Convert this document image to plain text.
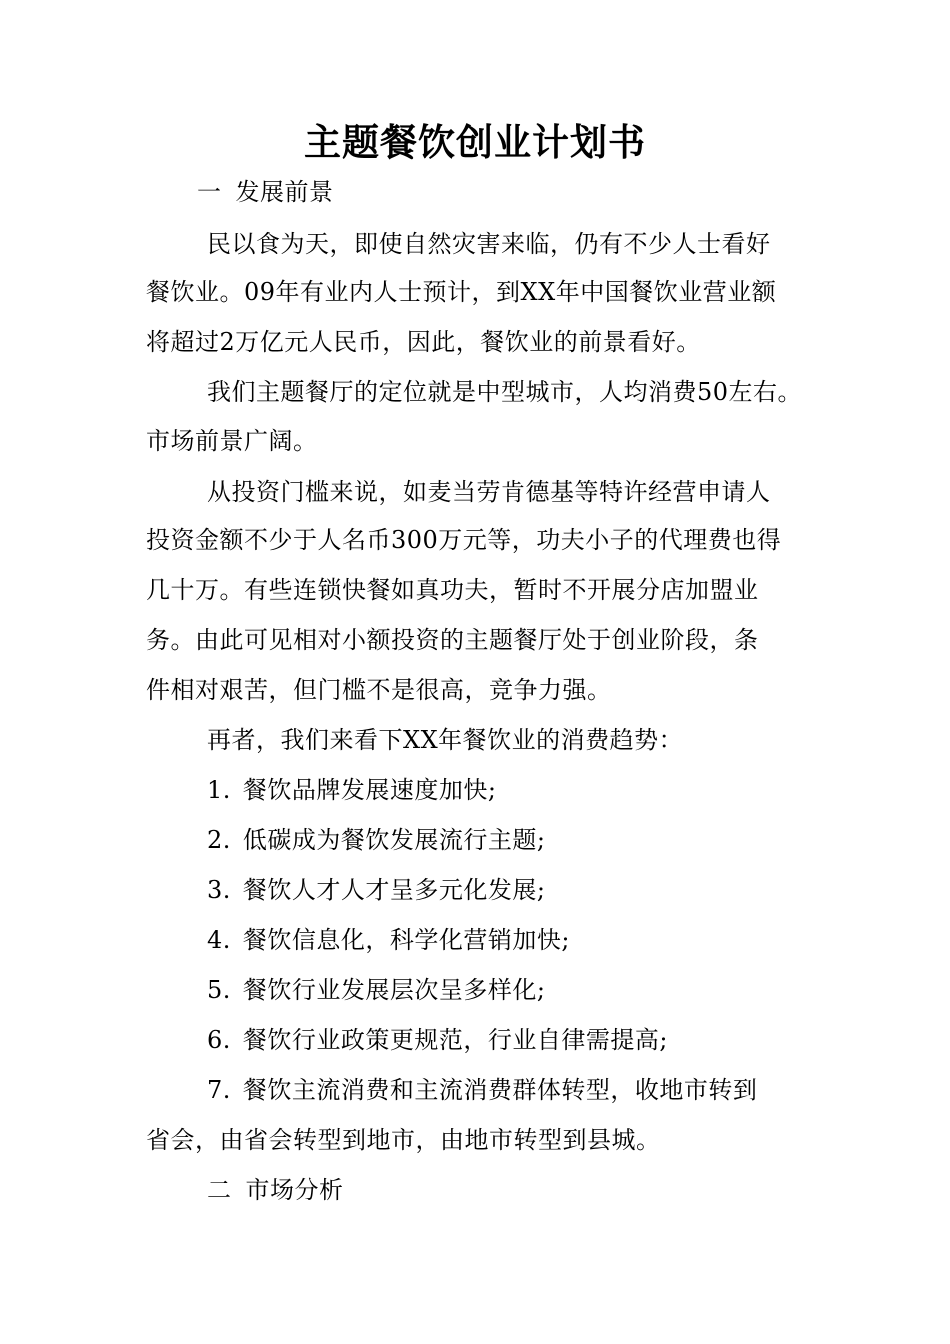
主题餐饮创业计划书
一 发展前景
民以食为天，即使自然灾害来临，仍有不少人士看好
餐饮业。09年有业内人士预计，到XX年中国餐饮业营业额
将超过2万亿元人民币，因此，餐饮业的前景看好。
我们主题餐厅的定位就是中型城市，人均消费50左右。
市场前景广阔。
从投资门槛来说，如麦当劳肯德基等特许经营申请人
投资金额不少于人名币300万元等，功夫小子的代理费也得
几十万。有些连锁快餐如真功夫，暂时不开展分店加盟业
务。由此可见相对小额投资的主题餐厅处于创业阶段，条
件相对艰苦，但门槛不是很高，竞争力强。
再者，我们来看下XX年餐饮业的消费趋势：
1. 餐饮品牌发展速度加快;
2. 低碳成为餐饮发展流行主题;
3. 餐饮人才人才呈多元化发展;
4. 餐饮信息化，科学化营销加快;
5. 餐饮行业发展层次呈多样化;
6. 餐饮行业政策更规范，行业自律需提高;
7. 餐饮主流消费和主流消费群体转型，收地市转到
省会，由省会转型到地市，由地市转型到县城。
二 市场分析
